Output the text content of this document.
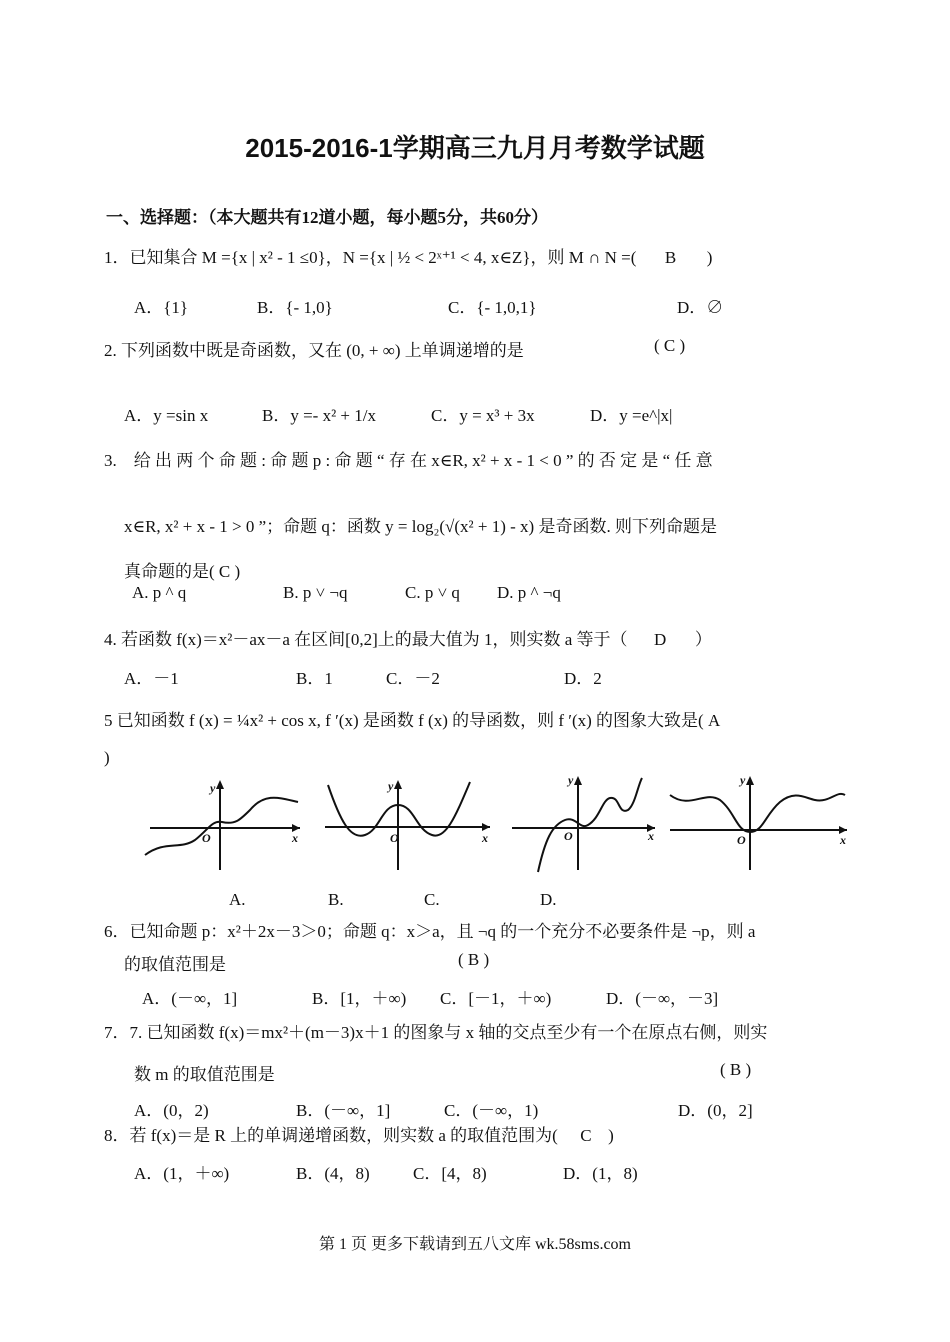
2015-2016-1学期高三九月月考数学试题
一、选择题：（本大题共有12道小题，每小题5分，共60分）
1．已知集合 M ={x | x² - 1 ≤0}，N ={x | ½ < 2ˣ⁺¹ < 4, x∈Z}，则 M ∩ N =( B )
A．{1}	B．{- 1,0}	C．{- 1,0,1}	D．∅
2. 下列函数中既是奇函数，又在 (0, + ∞) 上单调递增的是	( C )
A．y =sin x	B．y =- x² + 1/x	C．y = x³ + 3x	D．y =e^|x|
3.　给 出 两 个 命 题 : 命 题 p : 命 题 “ 存 在 x∈R, x² + x - 1 < 0 ” 的 否 定 是 “ 任 意
x∈R, x² + x - 1 > 0 ”；命题 q：函数 y = log₂(√(x² + 1) - x) 是奇函数. 则下列命题是
真命题的是( C )
A. p ^ q	B. p ˅ ¬q	C. p ˅ q D. p ^ ¬q
4. 若函数 f(x)＝x²－ax－a 在区间[0,2]上的最大值为 1，则实数 a 等于（ D ）
A．－1	B．1	C．－2	D．2
5 已知函数 f (x) = ¼x² + cos x, f ′(x) 是函数 f (x) 的导函数，则 f ′(x) 的图象大致是( A
)
y
x
O
y
x
O
y
x
O
y
x
O
A.	B.	C.	D.
6．已知命题 p：x²＋2x－3＞0；命题 q：x＞a，且 ¬q 的一个充分不必要条件是 ¬p，则 a
的取值范围是	( B )
A．(－∞，1]	B．[1，＋∞) C．[－1，＋∞)	D．(－∞，－3]
7．7. 已知函数 f(x)＝mx²＋(m－3)x＋1 的图象与 x 轴的交点至少有一个在原点右侧，则实
数 m 的取值范围是	( B )
A．(0，2)	B．(－∞，1]	C．(－∞，1)	D．(0，2]
8．若 f(x)＝是 R 上的单调递增函数，则实数 a 的取值范围为( C )
A．(1，＋∞)	B．(4，8)	C．[4，8)	D．(1，8)
第 1 页 更多下载请到五八文库 wk.58sms.com
